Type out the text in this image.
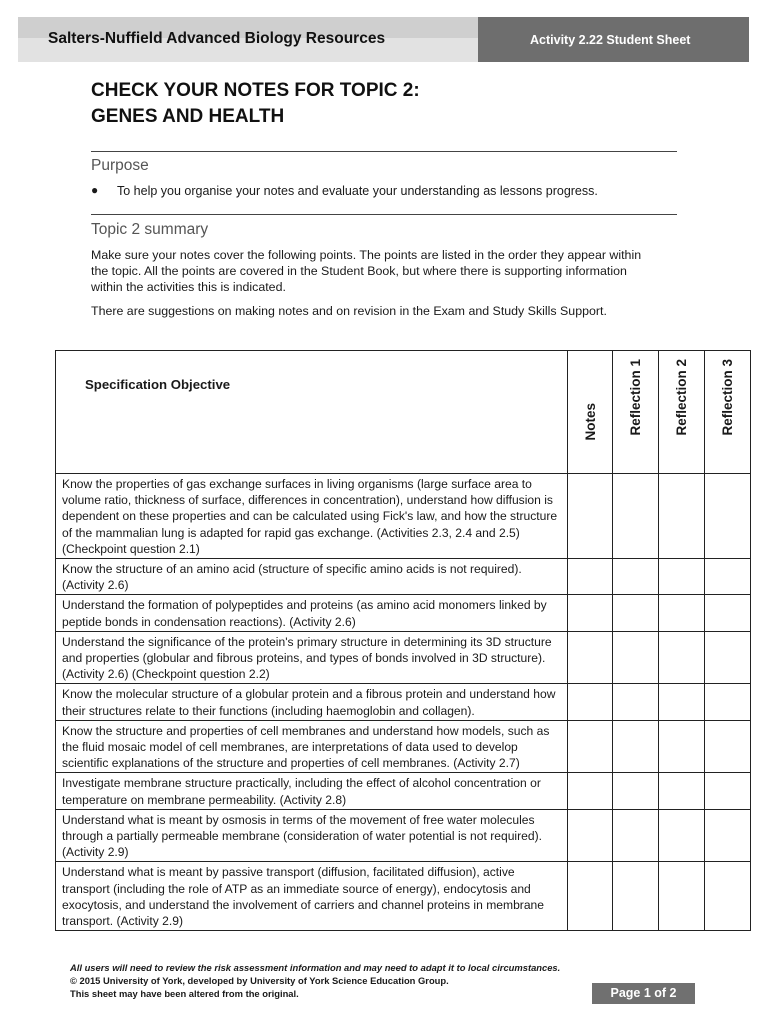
Salters-Nuffield Advanced Biology Resources	Activity 2.22 Student Sheet
CHECK YOUR NOTES FOR TOPIC 2:
GENES AND HEALTH
Purpose
● To help you organise your notes and evaluate your understanding as lessons progress.
Topic 2 summary

Make sure your notes cover the following points. The points are listed in the order they appear within the topic. All the points are covered in the Student Book, but where there is supporting information within the activities this is indicated.

There are suggestions on making notes and on revision in the Exam and Study Skills Support.

Specification Objective	Notes	Reflection 1	Reflection 2	Reflection 3

Know the properties of gas exchange surfaces in living organisms (large surface area to volume ratio, thickness of surface, differences in concentration), understand how diffusion is dependent on these properties and can be calculated using Fick's law, and how the structure of the mammalian lung is adapted for rapid gas exchange. (Activities 2.3, 2.4 and 2.5) (Checkpoint question 2.1)				
Know the structure of an amino acid (structure of specific amino acids is not required). (Activity 2.6)				
Understand the formation of polypeptides and proteins (as amino acid monomers linked by peptide bonds in condensation reactions). (Activity 2.6)				
Understand the significance of the protein's primary structure in determining its 3D structure and properties (globular and fibrous proteins, and types of bonds involved in 3D structure). (Activity 2.6) (Checkpoint question 2.2)				
Know the molecular structure of a globular protein and a fibrous protein and understand how their structures relate to their functions (including haemoglobin and collagen).				
Know the structure and properties of cell membranes and understand how models, such as the fluid mosaic model of cell membranes, are interpretations of data used to develop scientific explanations of the structure and properties of cell membranes. (Activity 2.7)				
Investigate membrane structure practically, including the effect of alcohol concentration or temperature on membrane permeability. (Activity 2.8)				
Understand what is meant by osmosis in terms of the movement of free water molecules through a partially permeable membrane (consideration of water potential is not required). (Activity 2.9)				
Understand what is meant by passive transport (diffusion, facilitated diffusion), active transport (including the role of ATP as an immediate source of energy), endocytosis and exocytosis, and understand the involvement of carriers and channel proteins in membrane transport. (Activity 2.9)				
All users will need to review the risk assessment information and may need to adapt it to local circumstances.
© 2015 University of York, developed by University of York Science Education Group.
This sheet may have been altered from the original.	Page 1 of 2
